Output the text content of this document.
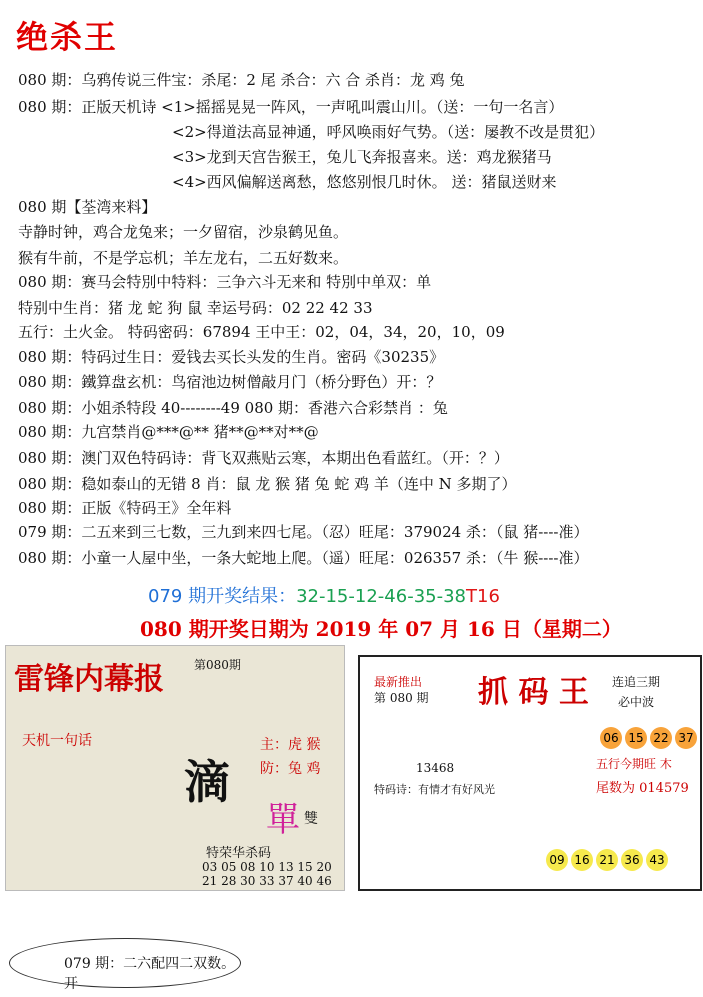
绝杀王
080 期：乌鸦传说三件宝：杀尾：2 尾 杀合：六 合 杀肖：龙 鸡 兔
080 期：正版天机诗 <1>摇摇晃晃一阵风，一声吼叫震山川。（送：一句一名言）
<2>得道法高显神通，呼风唤雨好气势。（送：屡教不改是贯犯）
<3>龙到天宫告猴王，兔儿飞奔报喜来。送：鸡龙猴猪马
<4>西风偏解送离愁，悠悠别恨几时休。 送：猪鼠送财来
080 期【荃湾来料】
寺静时钟，鸡合龙兔来；一夕留宿，沙泉鹤见鱼。
猴有牛前，不是学忘机；羊左龙右，二五好数来。
080 期：赛马会特別中特料：三争六斗无来和 特別中单双：单
特别中生肖：猪 龙 蛇 狗 鼠 幸运号码：02 22 42 33
五行：土火金。 特码密码：67894 王中王：02，04，34，20，10，09
080 期：特码过生日：爱钱去买长头发的生肖。密码《30235》
080 期：鐵算盘玄机：鸟宿池边树僧敲月门（桥分野色）开：？
080 期：小姐杀特段 40--------49 080 期：香港六合彩禁肖 ：兔
080 期：九宫禁肖@***@** 猪**@**对**@
080 期：澳门双色特码诗：背飞双燕贴云寒，本期出色看蓝红。（开：？）
080 期：稳如泰山的无错 8 肖：鼠 龙 猴 猪 兔 蛇 鸡 羊（连中 N 多期了）
080 期：正版《特码王》全年料
079 期：二五来到三七数，三九到来四七尾。（忍）旺尾：379024 杀：（鼠 猪----准）
080 期：小童一人屋中坐，一条大蛇地上爬。（遥）旺尾：026357 杀：（牛 猴----准）
079 期开奖结果：32-15-12-46-35-38T16
080 期开奖日期为 2019 年 07 月 16 日（星期二）
雷锋内幕报	第080期
天机一句话
滴
主：虎 猴
防：兔 鸡
單 雙
特荣华杀码
03 05 08 10 13 15 20 21 28 30 33 37 40 46
最新推出
第 080 期 抓 码 王 连追三期
必中波
06 15 22 37
五行今期旺 木
尾数为 014579
13468
特码诗：有情才有好风光
09 16 21 36 43
079 期：二六配四二双数。开
